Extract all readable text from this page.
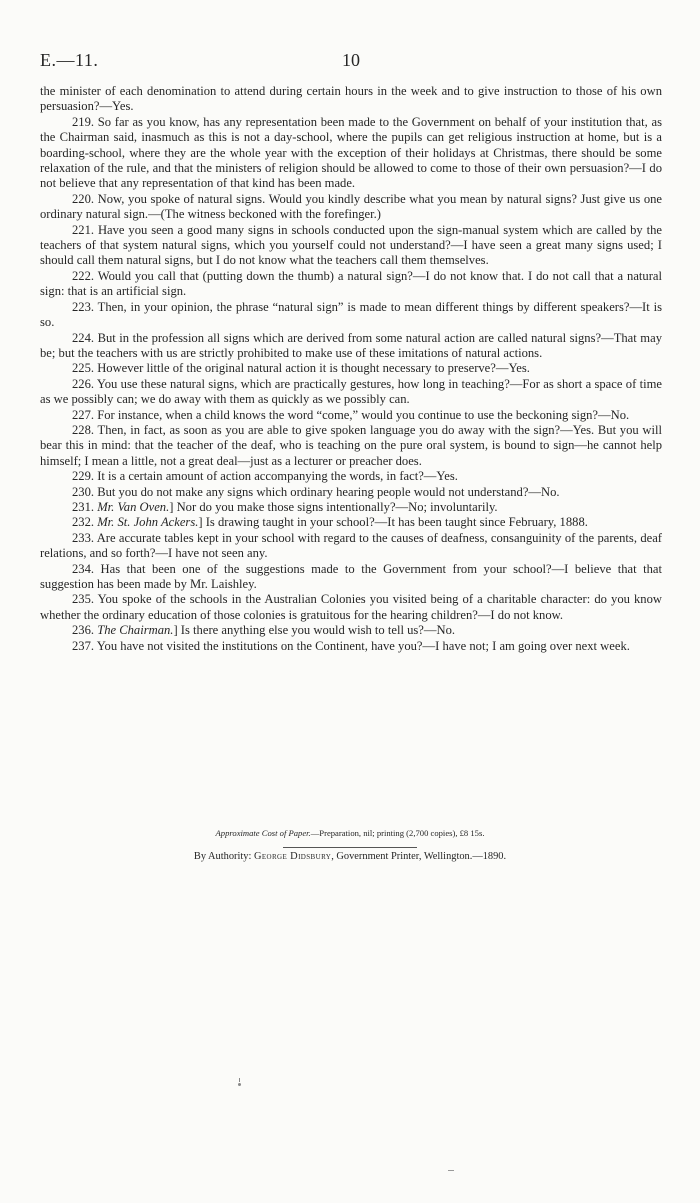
E.—11.	10

the minister of each denomination to attend during certain hours in the week and to give instruction to those of his own persuasion?—Yes.

219. So far as you know, has any representation been made to the Government on behalf of your institution that, as the Chairman said, inasmuch as this is not a day-school, where the pupils can get religious instruction at home, but is a boarding-school, where they are the whole year with the exception of their holidays at Christmas, there should be some relaxation of the rule, and that the ministers of religion should be allowed to come to those of their own persuasion?—I do not believe that any representation of that kind has been made.

220. Now, you spoke of natural signs. Would you kindly describe what you mean by natural signs? Just give us one ordinary natural sign.—(The witness beckoned with the forefinger.)

221. Have you seen a good many signs in schools conducted upon the sign-manual system which are called by the teachers of that system natural signs, which you yourself could not understand?—I have seen a great many signs used; I should call them natural signs, but I do not know what the teachers call them themselves.

222. Would you call that (putting down the thumb) a natural sign?—I do not know that. I do not call that a natural sign: that is an artificial sign.

223. Then, in your opinion, the phrase “natural sign” is made to mean different things by different speakers?—It is so.

224. But in the profession all signs which are derived from some natural action are called natural signs?—That may be; but the teachers with us are strictly prohibited to make use of these imitations of natural actions.

225. However little of the original natural action it is thought necessary to preserve?—Yes.

226. You use these natural signs, which are practically gestures, how long in teaching?—For as short a space of time as we possibly can; we do away with them as quickly as we possibly can.

227. For instance, when a child knows the word “come,” would you continue to use the beckoning sign?—No.

228. Then, in fact, as soon as you are able to give spoken language you do away with the sign?—Yes. But you will bear this in mind: that the teacher of the deaf, who is teaching on the pure oral system, is bound to sign—he cannot help himself; I mean a little, not a great deal—just as a lecturer or preacher does.

229. It is a certain amount of action accompanying the words, in fact?—Yes.

230. But you do not make any signs which ordinary hearing people would not understand?—No.

231. Mr. Van Oven.] Nor do you make those signs intentionally?—No; involuntarily.

232. Mr. St. John Ackers.] Is drawing taught in your school?—It has been taught since February, 1888.

233. Are accurate tables kept in your school with regard to the causes of deafness, consanguinity of the parents, deaf relations, and so forth?—I have not seen any.

234. Has that been one of the suggestions made to the Government from your school?—I believe that that suggestion has been made by Mr. Laishley.

235. You spoke of the schools in the Australian Colonies you visited being of a charitable character: do you know whether the ordinary education of those colonies is gratuitous for the hearing children?—I do not know.

236. The Chairman.] Is there anything else you would wish to tell us?—No.

237. You have not visited the institutions on the Continent, have you?—I have not; I am going over next week.

Approximate Cost of Paper.—Preparation, nil; printing (2,700 copies), £8 15s.
By Authority: George Didsbury, Government Printer, Wellington.—1890.
